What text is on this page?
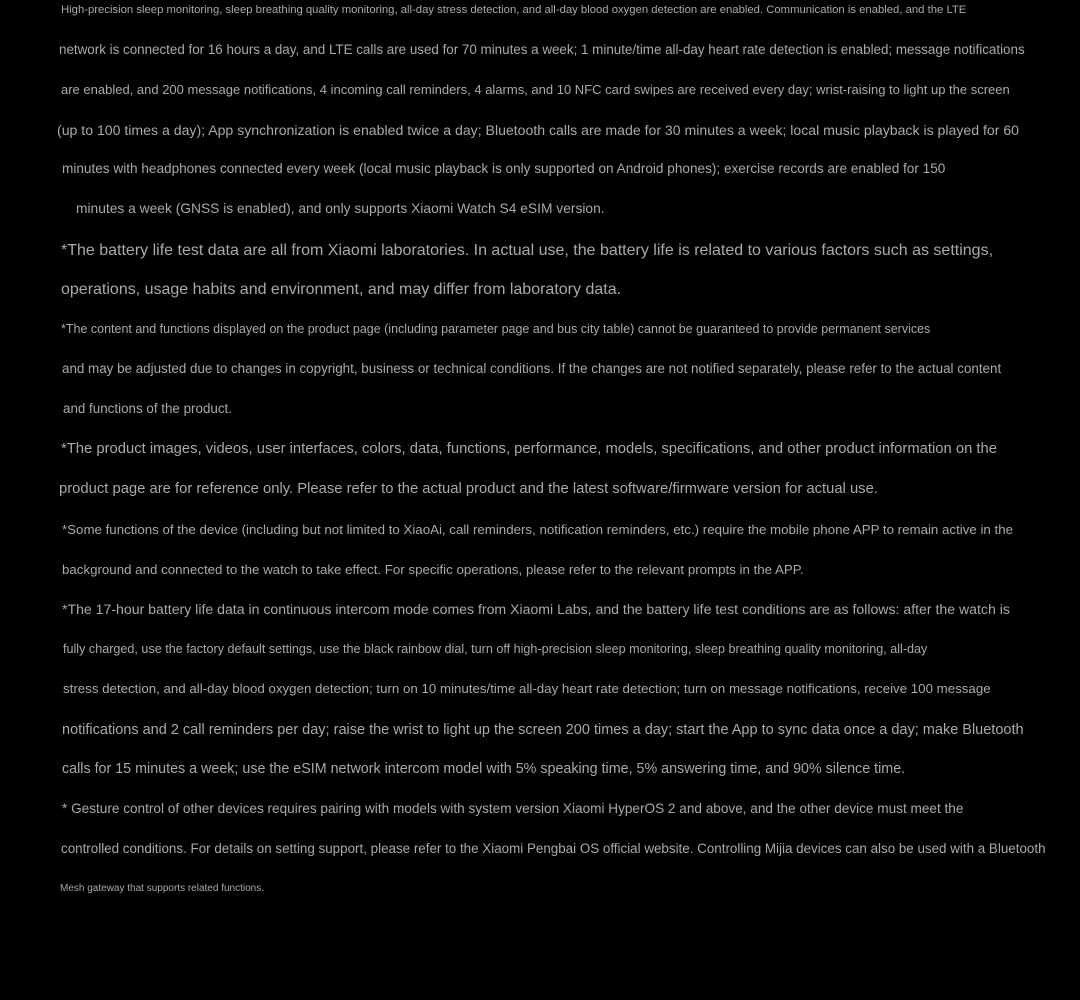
High-precision sleep monitoring, sleep breathing quality monitoring, all-day stress detection, and all-day blood oxygen detection are enabled. Communication is enabled, and the LTE
network is connected for 16 hours a day, and LTE calls are used for 70 minutes a week; 1 minute/time all-day heart rate detection is enabled; message notifications
are enabled, and 200 message notifications, 4 incoming call reminders, 4 alarms, and 10 NFC card swipes are received every day; wrist-raising to light up the screen
(up to 100 times a day); App synchronization is enabled twice a day; Bluetooth calls are made for 30 minutes a week; local music playback is played for 60
minutes with headphones connected every week (local music playback is only supported on Android phones); exercise records are enabled for 150
minutes a week (GNSS is enabled), and only supports Xiaomi Watch S4 eSIM version.
*The battery life test data are all from Xiaomi laboratories. In actual use, the battery life is related to various factors such as settings,
operations, usage habits and environment, and may differ from laboratory data.
*The content and functions displayed on the product page (including parameter page and bus city table) cannot be guaranteed to provide permanent services
and may be adjusted due to changes in copyright, business or technical conditions. If the changes are not notified separately, please refer to the actual content
and functions of the product.
*The product images, videos, user interfaces, colors, data, functions, performance, models, specifications, and other product information on the
product page are for reference only. Please refer to the actual product and the latest software/firmware version for actual use.
*Some functions of the device (including but not limited to XiaoAi, call reminders, notification reminders, etc.) require the mobile phone APP to remain active in the
background and connected to the watch to take effect. For specific operations, please refer to the relevant prompts in the APP.
*The 17-hour battery life data in continuous intercom mode comes from Xiaomi Labs, and the battery life test conditions are as follows: after the watch is
fully charged, use the factory default settings, use the black rainbow dial, turn off high-precision sleep monitoring, sleep breathing quality monitoring, all-day
stress detection, and all-day blood oxygen detection; turn on 10 minutes/time all-day heart rate detection; turn on message notifications, receive 100 message
notifications and 2 call reminders per day; raise the wrist to light up the screen 200 times a day; start the App to sync data once a day; make Bluetooth
calls for 15 minutes a week; use the eSIM network intercom model with 5% speaking time, 5% answering time, and 90% silence time.
* Gesture control of other devices requires pairing with models with system version Xiaomi HyperOS 2 and above, and the other device must meet the
controlled conditions. For details on setting support, please refer to the Xiaomi Pengbai OS official website. Controlling Mijia devices can also be used with a Bluetooth
Mesh gateway that supports related functions.
